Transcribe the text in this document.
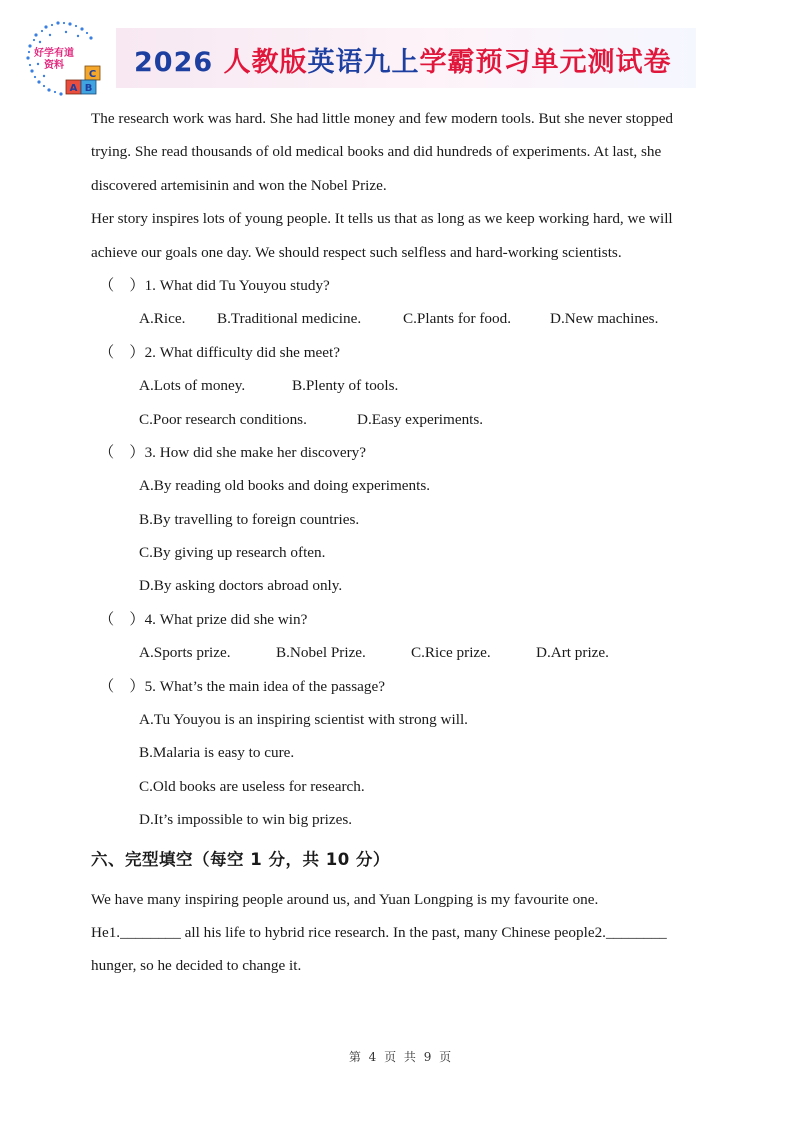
C
A B
好学有道
资料	2026 人教版英语九上学霸预习单元测试卷
The research work was hard. She had little money and few modern tools. But she never stopped
trying. She read thousands of old medical books and did hundreds of experiments. At last, she
discovered artemisinin and won the Nobel Prize.
Her story inspires lots of young people. It tells us that as long as we keep working hard, we will
achieve our goals one day. We should respect such selfless and hard-working scientists.
（　）1. What did Tu Youyou study?
A.Rice. B.Traditional medicine.	C.Plants for food.	D.New machines.
（　）2. What difficulty did she meet?
A.Lots of money.	B.Plenty of tools.
C.Poor research conditions.	D.Easy experiments.
（　）3. How did she make her discovery?
A.By reading old books and doing experiments.
B.By travelling to foreign countries.
C.By giving up research often.
D.By asking doctors abroad only.
（　）4. What prize did she win?
A.Sports prize.	B.Nobel Prize.	C.Rice prize.	D.Art prize.
（　）5. What’s the main idea of the passage?
A.Tu Youyou is an inspiring scientist with strong will.
B.Malaria is easy to cure.
C.Old books are useless for research.
D.It’s impossible to win big prizes.
六、完型填空（每空 1 分，共 10 分）
We have many inspiring people around us, and Yuan Longping is my favourite one.
He1.________ all his life to hybrid rice research. In the past, many Chinese people2.________
hunger, so he decided to change it.
第 4 页 共 9 页
